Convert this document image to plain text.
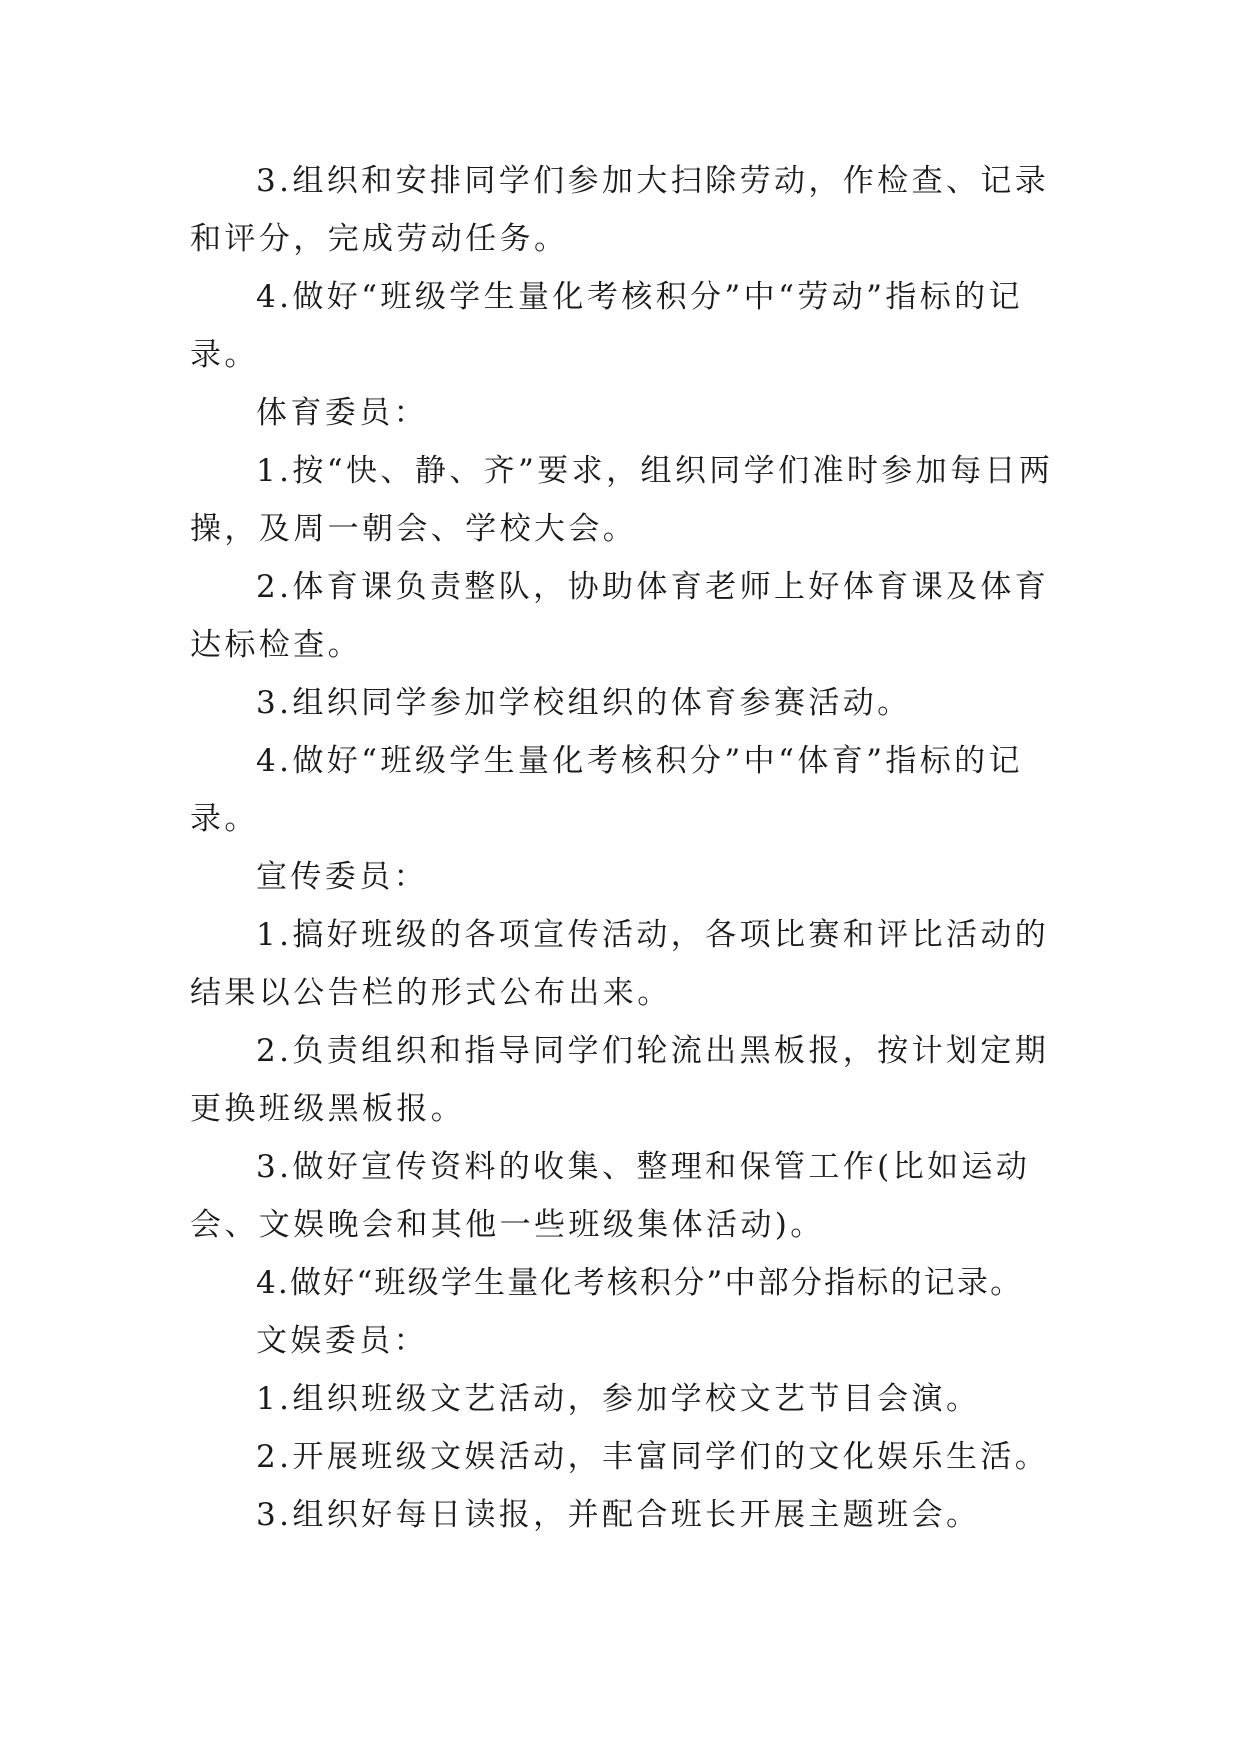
3.组织和安排同学们参加大扫除劳动，作检查、记录和评分，完成劳动任务。

4.做好“班级学生量化考核积分”中“劳动”指标的记录。

体育委员：

1.按“快、静、齐”要求，组织同学们准时参加每日两操，及周一朝会、学校大会。

2.体育课负责整队，协助体育老师上好体育课及体育达标检查。

3.组织同学参加学校组织的体育参赛活动。

4.做好“班级学生量化考核积分”中“体育”指标的记录。

宣传委员：

1.搞好班级的各项宣传活动，各项比赛和评比活动的结果以公告栏的形式公布出来。

2.负责组织和指导同学们轮流出黑板报，按计划定期更换班级黑板报。

3.做好宣传资料的收集、整理和保管工作(比如运动会、文娱晚会和其他一些班级集体活动)。

4.做好“班级学生量化考核积分”中部分指标的记录。

文娱委员：

1.组织班级文艺活动，参加学校文艺节目会演。

2.开展班级文娱活动，丰富同学们的文化娱乐生活。

3.组织好每日读报，并配合班长开展主题班会。
